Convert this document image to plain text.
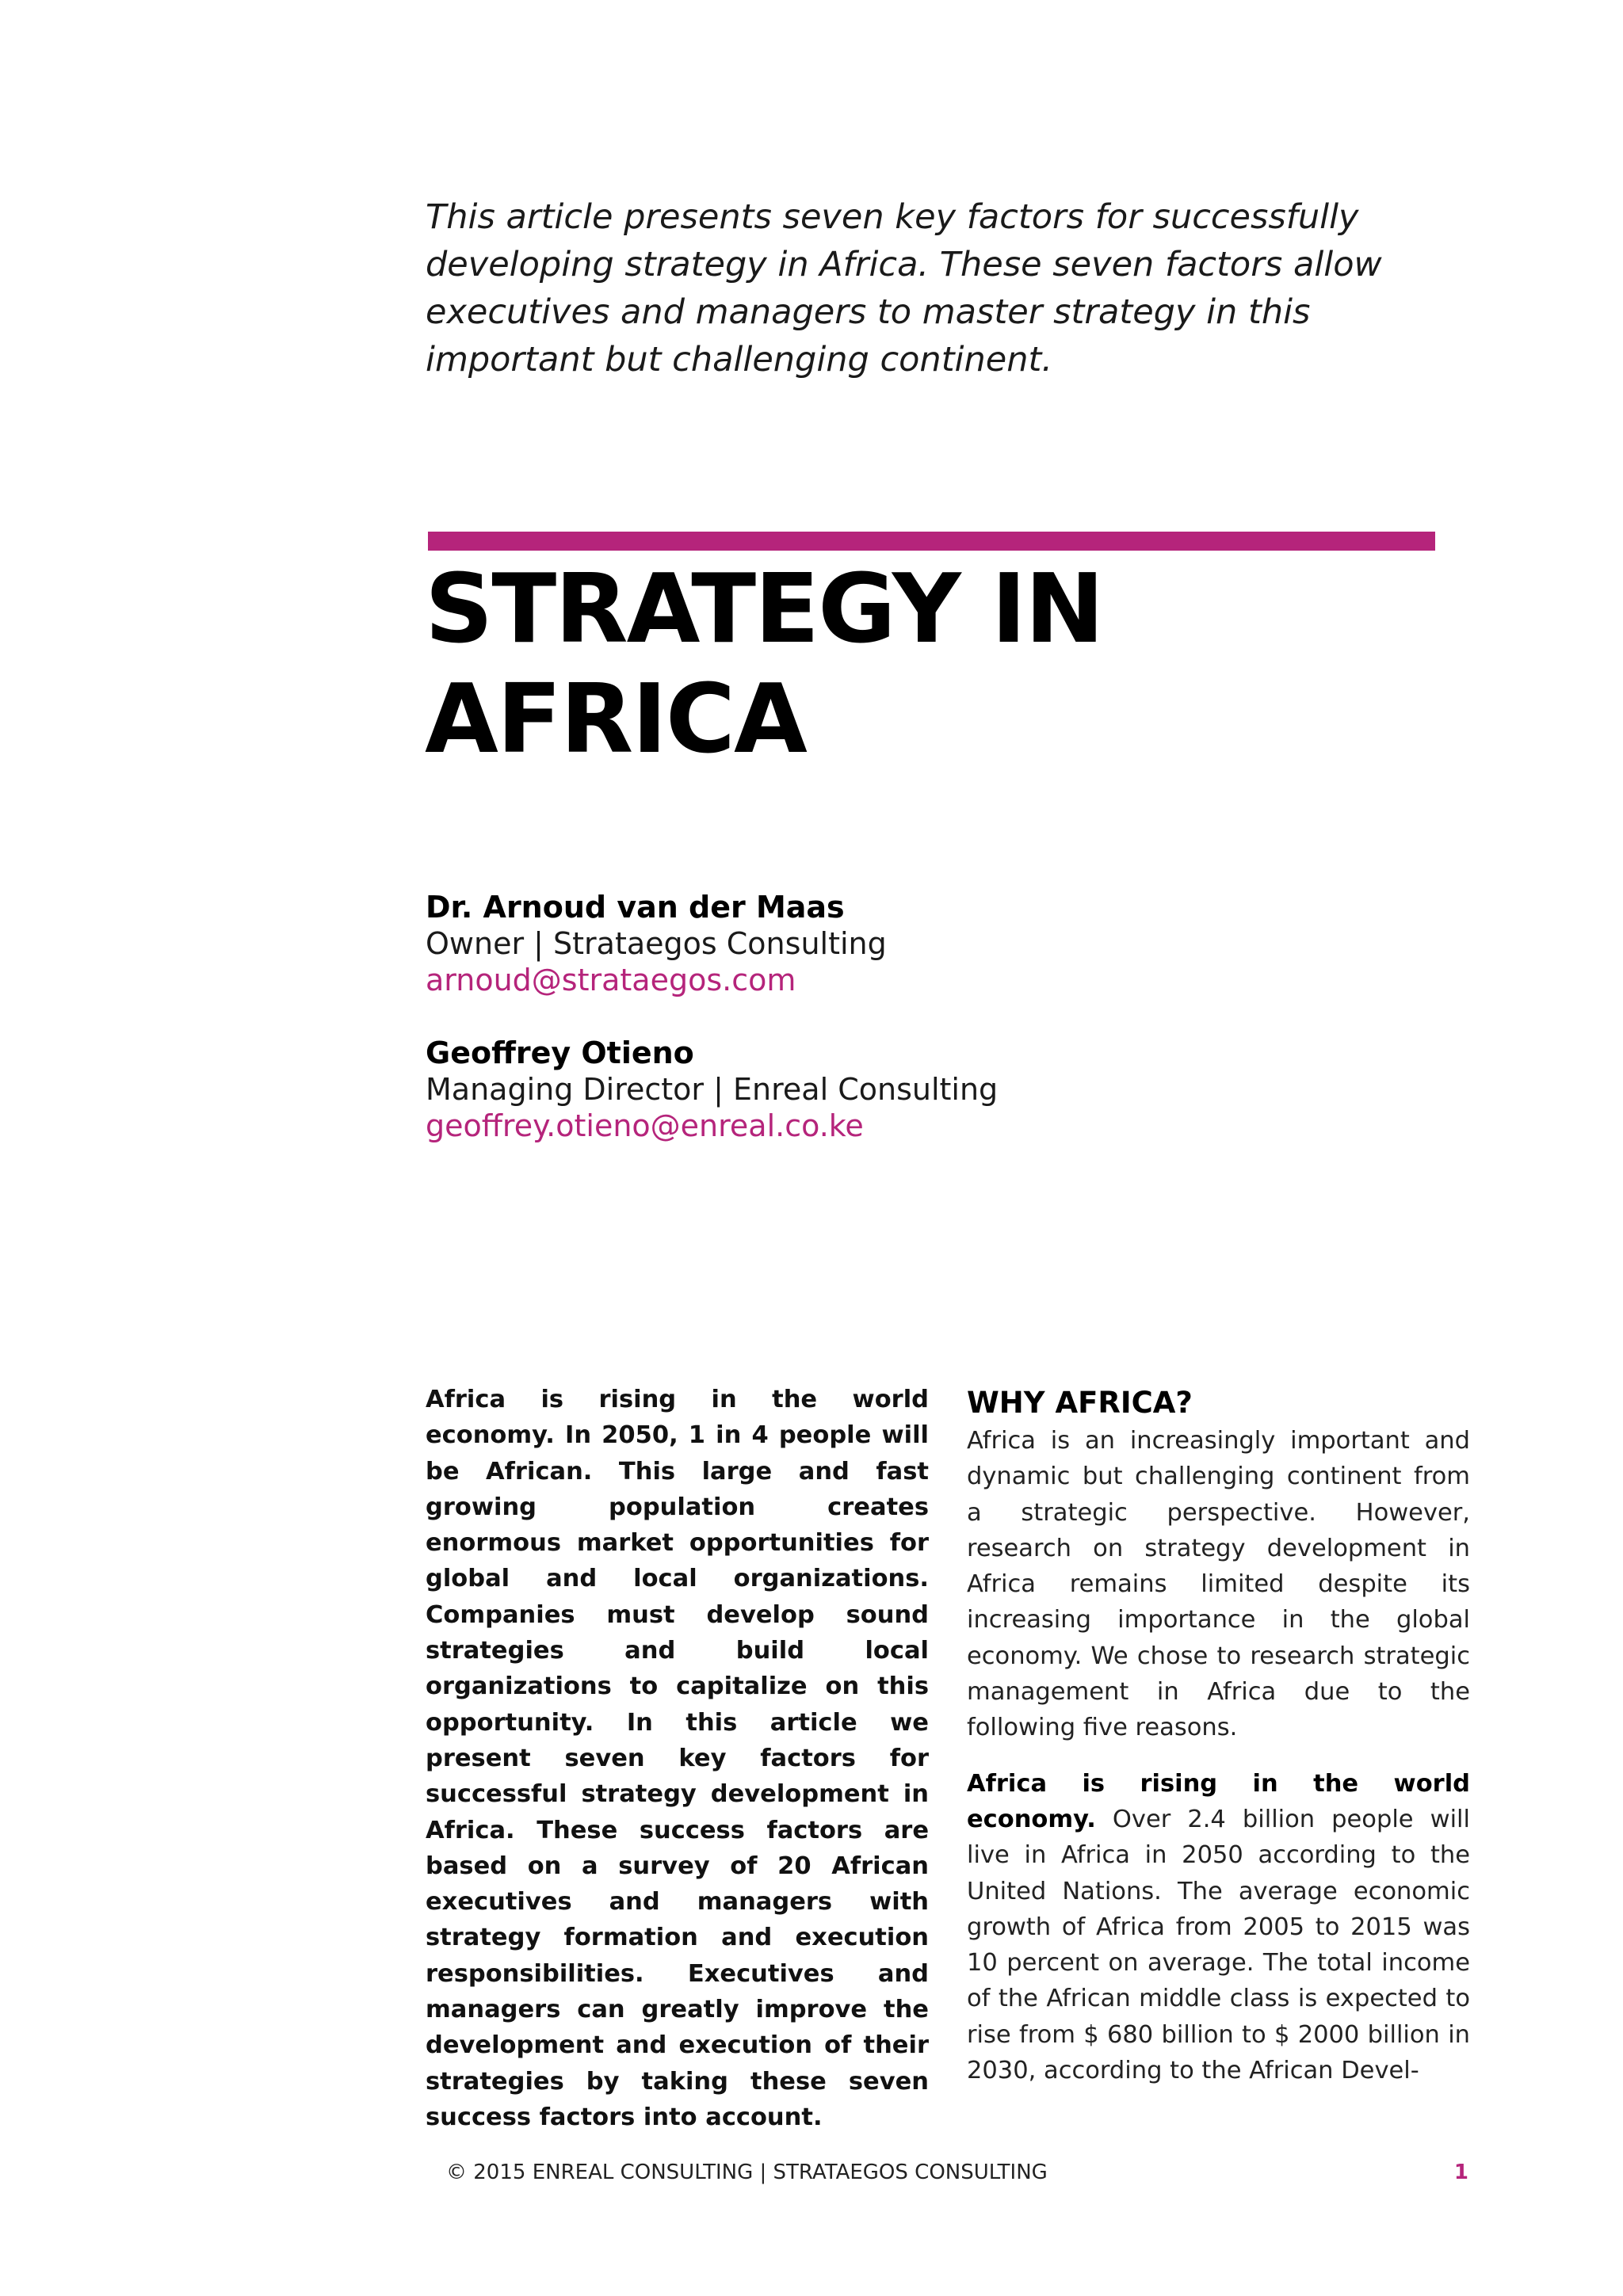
This article presents seven key factors for successfully developing strategy in Africa. These seven factors allow executives and managers to master strategy in this important but challenging continent.

STRATEGY IN
AFRICA
Dr. Arnoud van der Maas
Owner | Strataegos Consulting
arnoud@strataegos.com
Geoffrey Otieno
Managing Director | Enreal Consulting
geoffrey.otieno@enreal.co.ke

Africa is rising in the world economy. In 2050, 1 in 4 people will be African. This large and fast growing population creates enormous market opportunities for global and local organizations. Companies must develop sound strategies and build local organizations to capitalize on this opportunity. In this article we present seven key factors for successful strategy development in Africa. These success factors are based on a survey of 20 African executives and managers with strategy formation and execution responsibilities. Executives and managers can greatly improve the development and execution of their strategies by taking these seven success factors into account.

WHY AFRICA?

Africa is an increasingly important and dynamic but challenging continent from a strategic perspective. However, research on strategy development in Africa remains limited despite its increasing importance in the global economy. We chose to research strategic management in Africa due to the following five reasons.

Africa is rising in the world economy. Over 2.4 billion people will live in Africa in 2050 according to the United Nations. The average economic growth of Africa from 2005 to 2015 was 10 percent on average. The total income of the African middle class is expected to rise from $ 680 billion to $ 2000 billion in 2030, according to the African Devel-

© 2015 ENREAL CONSULTING | STRATAEGOS CONSULTING	1
